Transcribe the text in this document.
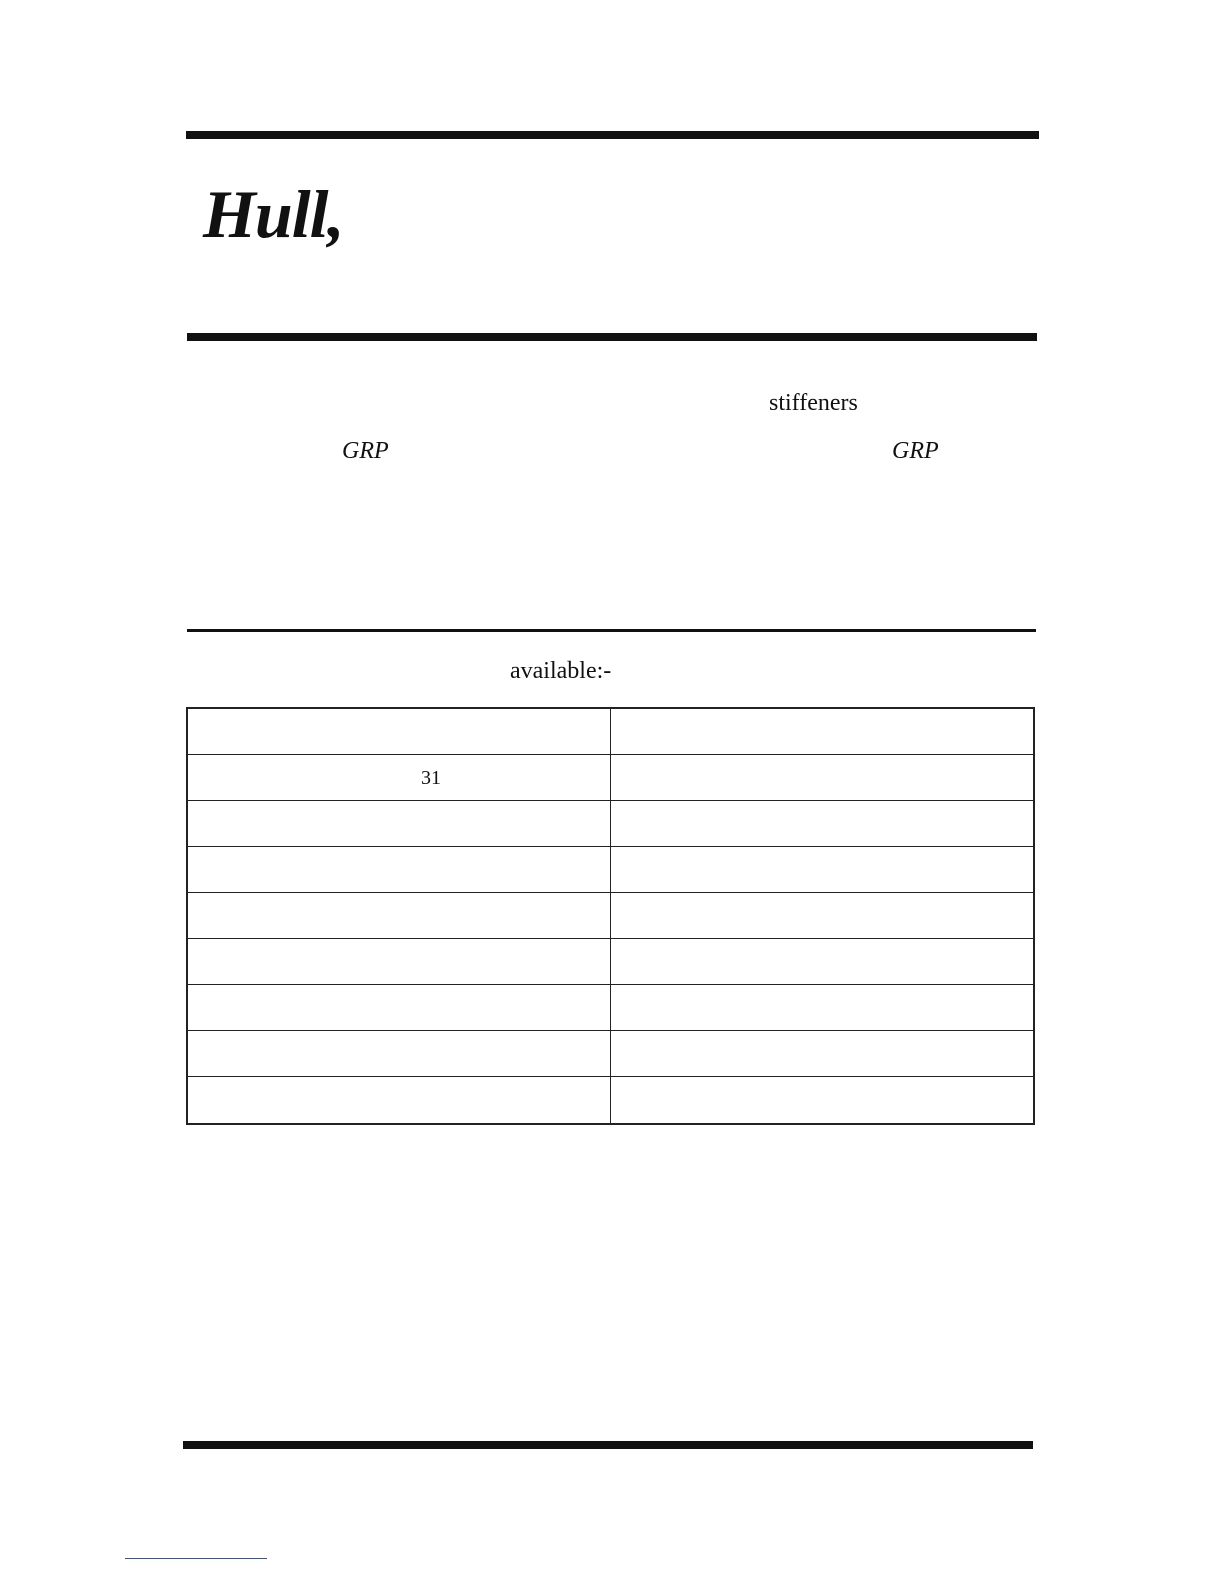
Hull,
stiffeners
GRP	GRP
available:-
31
